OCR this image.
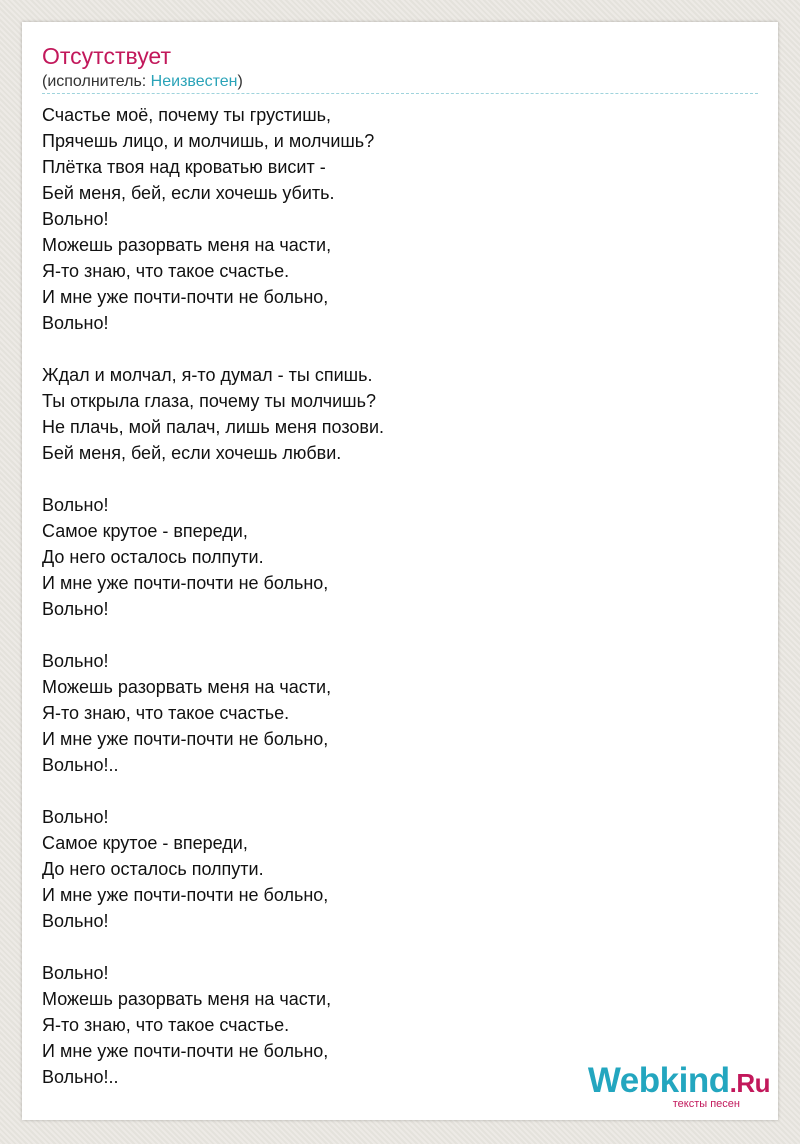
Отсутствует
(исполнитель: Неизвестен)
Счастье моё, почему ты грустишь,
Прячешь лицо, и молчишь, и молчишь?
Плётка твоя над кроватью висит -
Бей меня, бей, если хочешь убить.
Вольно!
Можешь разорвать меня на части,
Я-то знаю, что такое счастье.
И мне уже почти-почти не больно,
Вольно!
Ждал и молчал, я-то думал - ты спишь.
Ты открыла глаза, почему ты молчишь?
Не плачь, мой палач, лишь меня позови.
Бей меня, бей, если хочешь любви.
Вольно!
Самое крутое - впереди,
До него осталось полпути.
И мне уже почти-почти не больно,
Вольно!
Вольно!
Можешь разорвать меня на части,
Я-то знаю, что такое счастье.
И мне уже почти-почти не больно,
Вольно!..
Вольно!
Самое крутое - впереди,
До него осталось полпути.
И мне уже почти-почти не больно,
Вольно!
Вольно!
Можешь разорвать меня на части,
Я-то знаю, что такое счастье.
И мне уже почти-почти не больно,
Вольно!..	Webkind.Ru
тексты песен
